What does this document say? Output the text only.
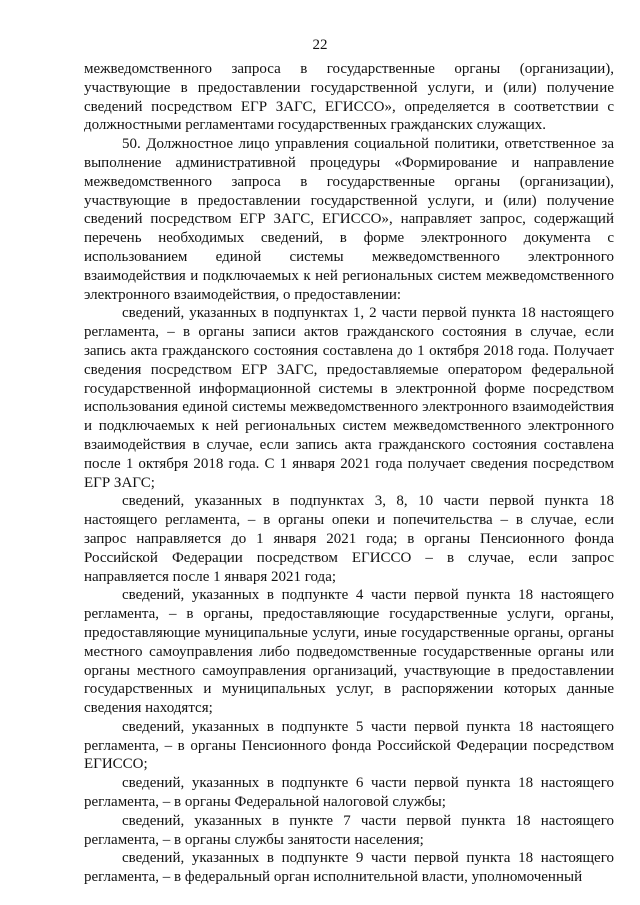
22

межведомственного запроса в государственные органы (организации), участвующие в предоставлении государственной услуги, и (или) получение сведений посредством ЕГР ЗАГС, ЕГИССО», определяется в соответствии с должностными регламентами государственных гражданских служащих.

50. Должностное лицо управления социальной политики, ответственное за выполнение административной процедуры «Формирование и направление межведомственного запроса в государственные органы (организации), участвующие в предоставлении государственной услуги, и (или) получение сведений посредством ЕГР ЗАГС, ЕГИССО», направляет запрос, содержащий перечень необходимых сведений, в форме электронного документа с использованием единой системы межведомственного электронного взаимодействия и подключаемых к ней региональных систем межведомственного электронного взаимодействия, о предоставлении:

сведений, указанных в подпунктах 1, 2 части первой пункта 18 настоящего регламента, – в органы записи актов гражданского состояния в случае, если запись акта гражданского состояния составлена до 1 октября 2018 года. Получает сведения посредством ЕГР ЗАГС, предоставляемые оператором федеральной государственной информационной системы в электронной форме посредством использования единой системы межведомственного электронного взаимодействия и подключаемых к ней региональных систем межведомственного электронного взаимодействия в случае, если запись акта гражданского состояния составлена после 1 октября 2018 года. С 1 января 2021 года получает сведения посредством ЕГР ЗАГС;

сведений, указанных в подпунктах 3, 8, 10 части первой пункта 18 настоящего регламента, – в органы опеки и попечительства – в случае, если запрос направляется до 1 января 2021 года; в органы Пенсионного фонда Российской Федерации посредством ЕГИССО – в случае, если запрос направляется после 1 января 2021 года;

сведений, указанных в подпункте 4 части первой пункта 18 настоящего регламента, – в органы, предоставляющие государственные услуги, органы, предоставляющие муниципальные услуги, иные государственные органы, органы местного самоуправления либо подведомственные государственные органы или органы местного самоуправления организаций, участвующие в предоставлении государственных и муниципальных услуг, в распоряжении которых данные сведения находятся;

сведений, указанных в подпункте 5 части первой пункта 18 настоящего регламента, – в органы Пенсионного фонда Российской Федерации посредством ЕГИССО;

сведений, указанных в подпункте 6 части первой пункта 18 настоящего регламента, – в органы Федеральной налоговой службы;

сведений, указанных в пункте 7 части первой пункта 18 настоящего регламента, – в органы службы занятости населения;

сведений, указанных в подпункте 9 части первой пункта 18 настоящего регламента, – в федеральный орган исполнительной власти, уполномоченный
